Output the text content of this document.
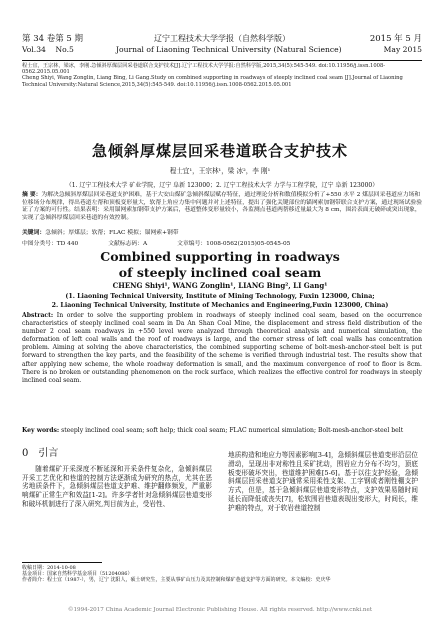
第 34 卷第 5 期	2015 年 5 月
辽宁工程技术大学学报（自然科学版）
Vol.34 No.5	Journal of Liaoning Technical University (Natural Science)	May 2015
程士宜，王宗林，梁冰，李刚.急倾斜厚煤层回采巷道联合支护技术[J].辽宁工程技术大学学报:自然科学版,2015,34(5):545-549. doi:10.11956/j.issn.1008-0562.2015.05.001
Cheng Shiyi, Wang Zonglin, Liang Bing, Li Gang.Study on combined supporting in roadways of steeply inclined coal seam [J].Journal of Liaoning Technical University:Natural Science,2015,34(5):545-549. doi:10.11956/j.issn.1008-0562.2015.05.001
急倾斜厚煤层回采巷道联合支护技术
程士宜¹，王宗林¹，梁 冰²，李 刚¹
（1. 辽宁工程技术大学 矿业学院，辽宁 阜新 123000；2. 辽宁工程技术大学 力学与工程学院，辽宁 阜新 123000）
摘 要：为解决急倾斜厚煤层回采巷道支护困难，基于大安山煤矿急倾斜煤层赋存特征，通过理论分析和数值模拟分析了+550 水平 2 煤层回采巷道应力场和位移场分布规律，得出巷道左帮和顶板变形量大，软帮上角应力集中问题并对上述特征，提出了强化关键部位的锚网索加钢带联合支护方案，通过现场试验验证了方案的可行性。结果表明：采用锚网索加钢带支护方案后，巷道整体变形量较小，各监测点巷道两帮移近量最大为 8 cm，围岩表面无破碎或突出现象，实现了急倾斜厚煤层回采巷道的有效控制。
关键词：急倾斜；厚煤层；软帮；FLAC 模拟；锚网索+钢带
中图分类号：TD 440	文献标志码：A	文章编号：1008-0562(2015)05-0545-05
Combined supporting in roadways of steeply inclined coal seam
CHENG Shiyi¹, WANG Zonglin¹, LIANG Bing², LI Gang¹
(1. Liaoning Technical University, Institute of Mining Technology, Fuxin 123000, China;
2. Liaoning Technical University, Institute of Mechanics and Engineering,Fuxin 123000, China)
Abstract: In order to solve the supporting problem in roadways of steeply inclined coal seam, based on the occurrence characteristics of steeply inclined coal seam in Da An Shan Coal Mine, the displacement and stress field distribution of the number 2 coal seam roadways in +550 level were analyzed through theoretical analysis and numerical simulation, the deformation of left coal walls and the roof of roadways is large, and the corner stress of left coal walls has concentration problem. Aiming at solving the above characteristics, the combined supporting scheme of bolt-mesh-anchor-steel belt is put forward to strengthen the key parts, and the feasibility of the scheme is verified through industrial test. The results show that after applying new scheme, the whole roadway deformation is small, and the maximum convergence of roof to floor is 8cm. There is no broken or outstanding phenomenon on the rock surface, which realizes the effective control for roadways in steeply inclined coal seam.
Key words: steeply inclined coal seam; soft help; thick coal seam; FLAC numerical simulation; Bolt-mesh-anchor-steel belt
0 引言
随着煤矿开采深度不断延深和开采条件复杂化，急倾斜煤层开采工艺优化和巷道的控制方法逐渐成为研究的热点，尤其在恶劣地质条件下，急倾斜煤层巷道支护难、维护翻修频发，严重影响煤矿正常生产和效益[1-2]。许多学者针对急倾斜煤层巷道变形和破坏机制进行了深入研究,判目前为止，受岩性、
地质构造和地应力等因素影响[3-4]，急倾斜煤层巷道变形沿层位滑动，呈现出非对称性且采矿扰动，围岩应力分布不均匀，顶底板变形破坏突出，巷道维护困难[5-6]。基于以往支护经验，急倾斜煤层回采巷道支护通常采用柔性支架、工字钢或者刚性棚支护方式，但是，基于急倾斜煤层巷道变形特点，支护效果易随时间延长而降低或丧失[7]，松软围岩巷道表现出变形大，时间长，维护难的特点，对于软岩巷道控制
收稿日期：2014-10-08
基金项目：国家自然科学基金项目（51204086）
作者简介：程士宜（1987-），男，辽宁 沈阳人，硕士研究生，主要从事矿山压力及其控制和煤矿巷道支护等方面的研究。本文编校：史庆华
©1994-2017 China Academic Journal Electronic Publishing House. All rights reserved. http://www.cnki.net
